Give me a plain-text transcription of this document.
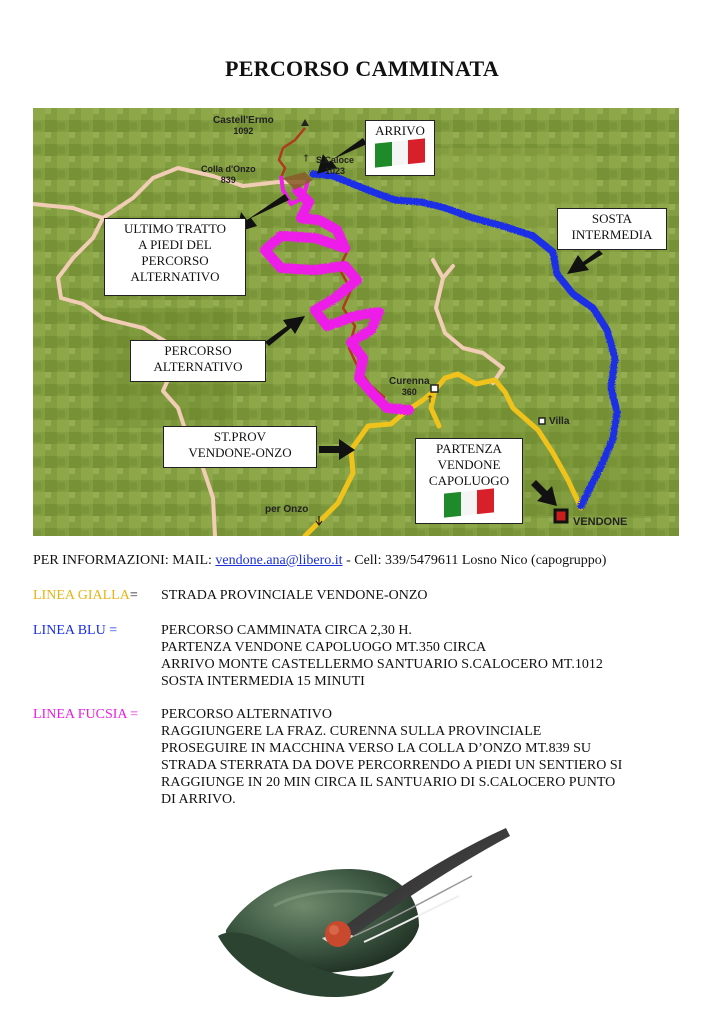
PERCORSO CAMMINATA
†
†
Castell'Ermo
1092
Colla d'Onzo
839
S.Caloce
1023
Curenna
360
Villa
per Onzo
VENDONE
ARRIVO
ULTIMO TRATTO
A PIEDI DEL
PERCORSO
ALTERNATIVO
SOSTA
INTERMEDIA
PERCORSO
ALTERNATIVO
ST.PROV
VENDONE-ONZO	PARTENZA
VENDONE
CAPOLUOGO
PER INFORMAZIONI: MAIL: vendone.ana@libero.it - Cell: 339/5479611 Losno Nico (capogruppo)
LINEA GIALLA= STRADA PROVINCIALE VENDONE-ONZO
LINEA BLU =	PERCORSO CAMMINATA CIRCA 2,30 H.
PARTENZA VENDONE CAPOLUOGO MT.350 CIRCA
ARRIVO MONTE CASTELLERMO SANTUARIO S.CALOCERO MT.1012
SOSTA INTERMEDIA 15 MINUTI
LINEA FUCSIA = PERCORSO ALTERNATIVO
RAGGIUNGERE LA FRAZ. CURENNA SULLA PROVINCIALE
PROSEGUIRE IN MACCHINA VERSO LA COLLA D’ONZO MT.839 SU
STRADA STERRATA DA DOVE PERCORRENDO A PIEDI UN SENTIERO SI
RAGGIUNGE IN 20 MIN CIRCA IL SANTUARIO DI S.CALOCERO PUNTO
DI ARRIVO.
